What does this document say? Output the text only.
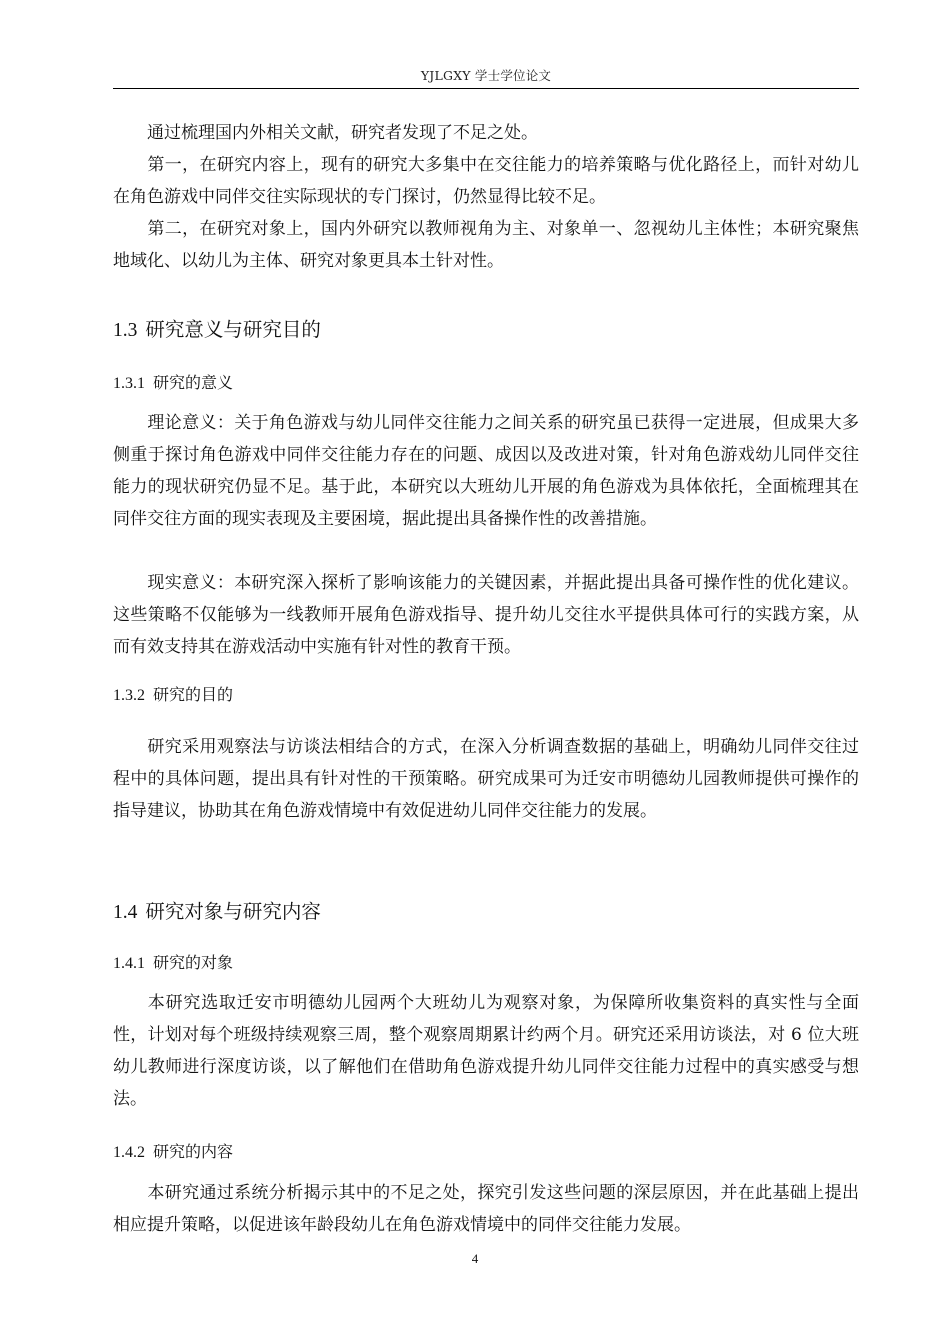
YJLGXY 学士学位论文

通过梳理国内外相关文献，研究者发现了不足之处。

第一，在研究内容上，现有的研究大多集中在交往能力的培养策略与优化路径上，而针对幼儿在角色游戏中同伴交往实际现状的专门探讨，仍然显得比较不足。

第二，在研究对象上，国内外研究以教师视角为主、对象单一、忽视幼儿主体性；本研究聚焦地域化、以幼儿为主体、研究对象更具本土针对性。

1.3 研究意义与研究目的
1.3.1 研究的意义

理论意义：关于角色游戏与幼儿同伴交往能力之间关系的研究虽已获得一定进展，但成果大多侧重于探讨角色游戏中同伴交往能力存在的问题、成因以及改进对策，针对角色游戏幼儿同伴交往能力的现状研究仍显不足。基于此，本研究以大班幼儿开展的角色游戏为具体依托，全面梳理其在同伴交往方面的现实表现及主要困境，据此提出具备操作性的改善措施。

现实意义：本研究深入探析了影响该能力的关键因素，并据此提出具备可操作性的优化建议。这些策略不仅能够为一线教师开展角色游戏指导、提升幼儿交往水平提供具体可行的实践方案，从而有效支持其在游戏活动中实施有针对性的教育干预。

1.3.2 研究的目的

研究采用观察法与访谈法相结合的方式，在深入分析调查数据的基础上，明确幼儿同伴交往过程中的具体问题，提出具有针对性的干预策略。研究成果可为迁安市明德幼儿园教师提供可操作的指导建议，协助其在角色游戏情境中有效促进幼儿同伴交往能力的发展。

1.4 研究对象与研究内容
1.4.1 研究的对象

本研究选取迁安市明德幼儿园两个大班幼儿为观察对象，为保障所收集资料的真实性与全面性，计划对每个班级持续观察三周，整个观察周期累计约两个月。研究还采用访谈法，对 6 位大班幼儿教师进行深度访谈，以了解他们在借助角色游戏提升幼儿同伴交往能力过程中的真实感受与想法。

1.4.2 研究的内容

本研究通过系统分析揭示其中的不足之处，探究引发这些问题的深层原因，并在此基础上提出相应提升策略，以促进该年龄段幼儿在角色游戏情境中的同伴交往能力发展。

4
